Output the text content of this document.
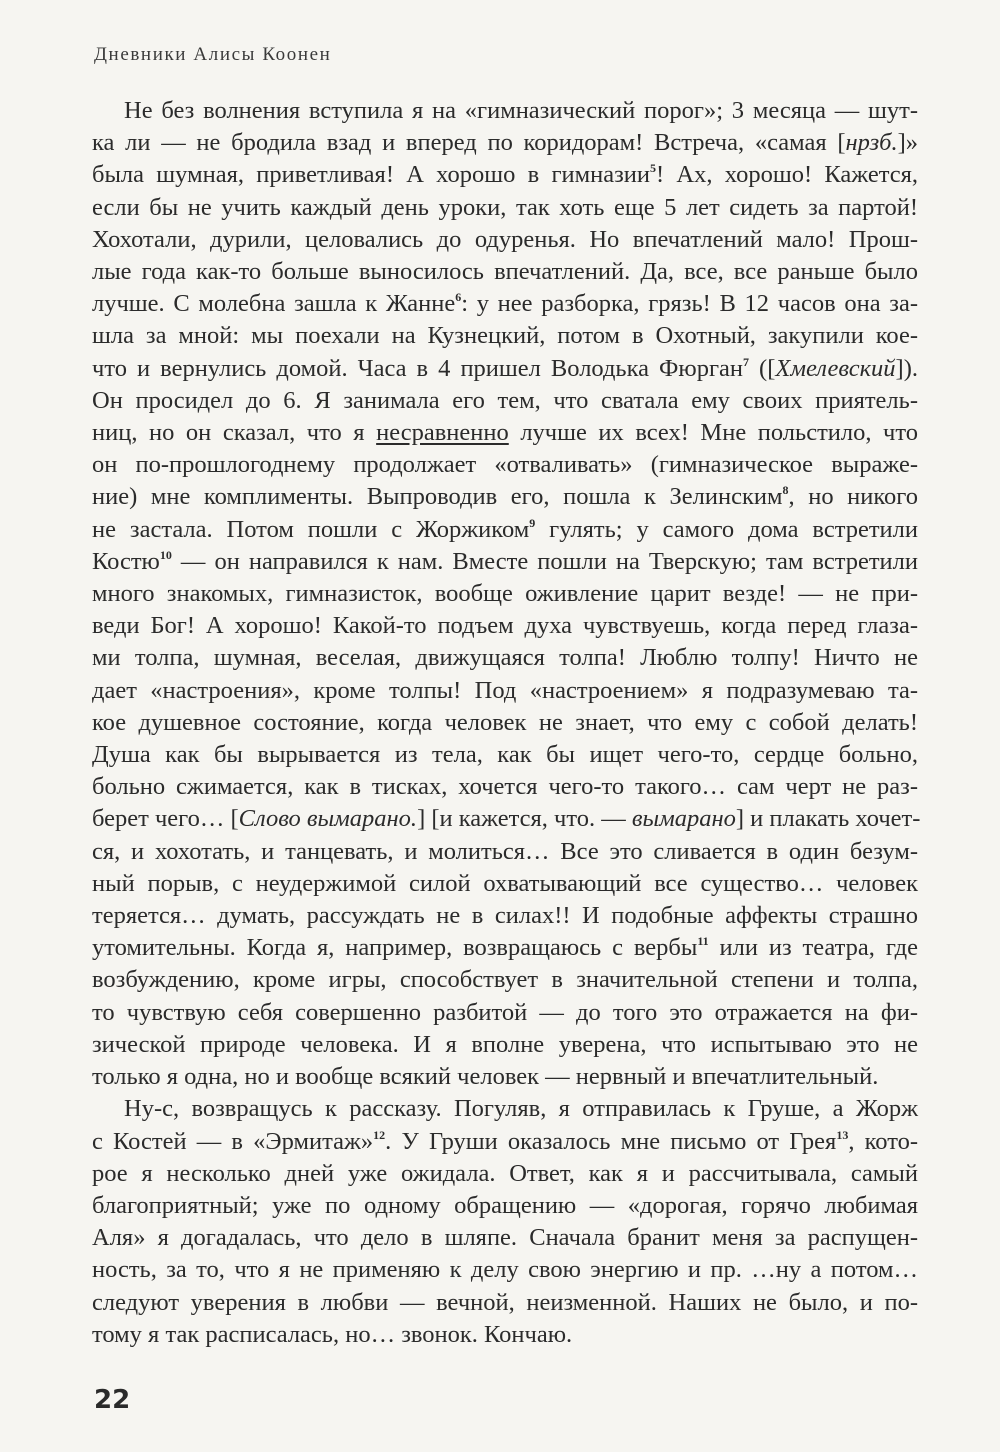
Дневники Алисы Коонен
Не без волнения вступила я на «гимназический порог»; 3 месяца — шут-
ка ли — не бродила взад и вперед по коридорам! Встреча, «самая [нрзб.]»
была шумная, приветливая! А хорошо в гимназии$^5$! Ах, хорошо! Кажется,
если бы не учить каждый день уроки, так хоть еще 5 лет сидеть за партой!
Хохотали, дурили, целовались до одуренья. Но впечатлений мало! Прош-
лые года как-то больше выносилось впечатлений. Да, все, все раньше было
лучше. С молебна зашла к Жанне$^6$: у нее разборка, грязь! В 12 часов она за-
шла за мной: мы поехали на Кузнецкий, потом в Охотный, закупили кое-
что и вернулись домой. Часа в 4 пришел Володька Фюрган$^7$ ([Хмелевский]).
Он просидел до 6. Я занимала его тем, что сватала ему своих приятель-
ниц, но он сказал, что я несравненно лучше их всех! Мне польстило, что
он по-прошлогоднему продолжает «отваливать» (гимназическое выраже-
ние) мне комплименты. Выпроводив его, пошла к Зелинским$^8$, но никого
не застала. Потом пошли с Жоржиком$^9$ гулять; у самого дома встретили
Костю$^{10}$ — он направился к нам. Вместе пошли на Тверскую; там встретили
много знакомых, гимназисток, вообще оживление царит везде! — не при-
веди Бог! А хорошо! Какой-то подъем духа чувствуешь, когда перед глаза-
ми толпа, шумная, веселая, движущаяся толпа! Люблю толпу! Ничто не
дает «настроения», кроме толпы! Под «настроением» я подразумеваю та-
кое душевное состояние, когда человек не знает, что ему с собой делать!
Душа как бы вырывается из тела, как бы ищет чего-то, сердце больно,
больно сжимается, как в тисках, хочется чего-то такого… сам черт не раз-
берет чего… [Слово вымарано.] [и кажется, что. — вымарано] и плакать хочет-
ся, и хохотать, и танцевать, и молиться… Все это сливается в один безум-
ный порыв, с неудержимой силой охватывающий все существо… человек
теряется… думать, рассуждать не в силах!! И подобные аффекты страшно
утомительны. Когда я, например, возвращаюсь с вербы$^{11}$ или из театра, где
возбуждению, кроме игры, способствует в значительной степени и толпа,
то чувствую себя совершенно разбитой — до того это отражается на фи-
зической природе человека. И я вполне уверена, что испытываю это не
только я одна, но и вообще всякий человек — нервный и впечатлительный.
Ну-с, возвращусь к рассказу. Погуляв, я отправилась к Груше, а Жорж
с Костей — в «Эрмитаж»$^{12}$. У Груши оказалось мне письмо от Грея$^{13}$, кото-
рое я несколько дней уже ожидала. Ответ, как я и рассчитывала, самый
благоприятный; уже по одному обращению — «дорогая, горячо любимая
Аля» я догадалась, что дело в шляпе. Сначала бранит меня за распущен-
ность, за то, что я не применяю к делу свою энергию и пр. …ну а потом…
следуют уверения в любви — вечной, неизменной. Наших не было, и по-
тому я так расписалась, но… звонок. Кончаю.
22
